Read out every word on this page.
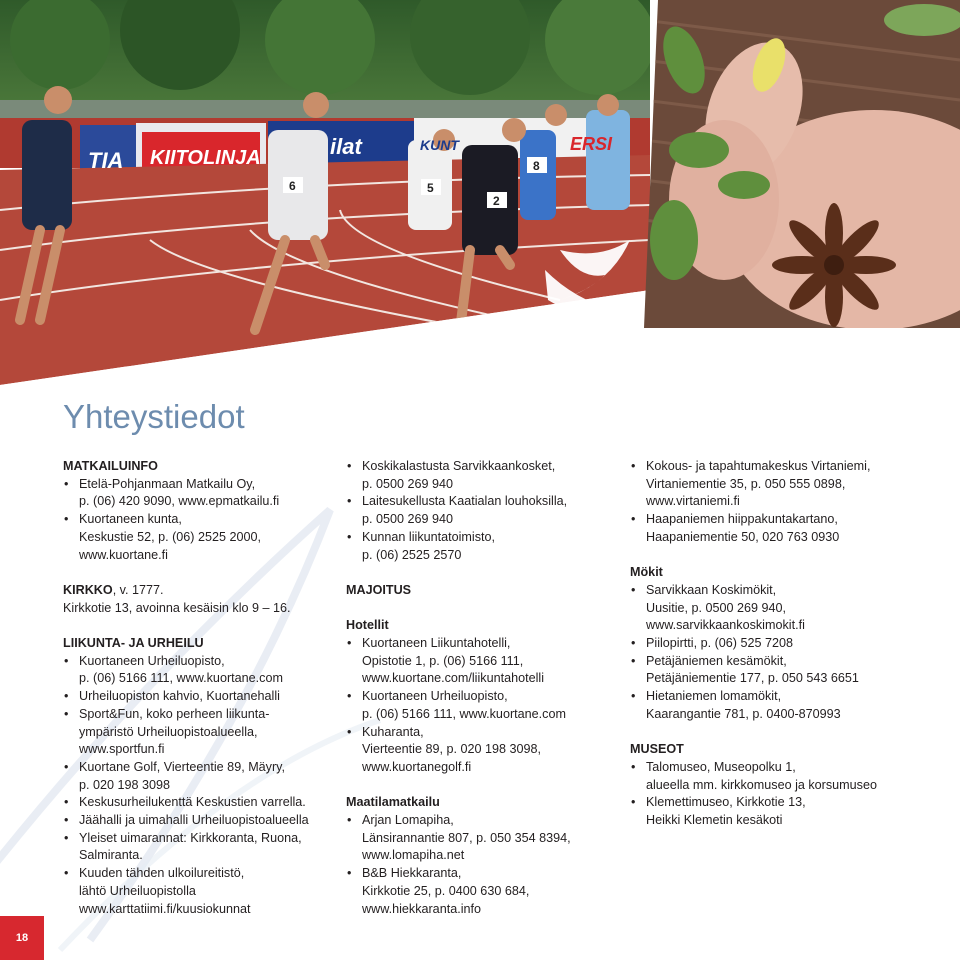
TIA KIITOLINJA	ilat	KUNT	ERSI
6	5
2
8
Yhteystiedot
MATKAILUINFO
• Etelä-Pohjanmaan Matkailu Oy,
p. (06) 420 9090, www.epmatkailu.fi
• Kuortaneen kunta,
Keskustie 52, p. (06) 2525 2000,
www.kuortane.fi
KIRKKO, v. 1777.
Kirkkotie 13, avoinna kesäisin klo 9 – 16.
LIIKUNTA- JA URHEILU
• Kuortaneen Urheiluopisto,
p. (06) 5166 111, www.kuortane.com
• Urheiluopiston kahvio, Kuortanehalli
• Sport&Fun, koko perheen liikunta-
ympäristö Urheiluopistoalueella,
www.sportfun.fi
• Kuortane Golf, Vierteentie 89, Mäyry,
p. 020 198 3098
• Keskusurheilukenttä Keskustien varrella.
• Jäähalli ja uimahalli Urheiluopistoalueella
• Yleiset uimarannat: Kirkkoranta, Ruona,
Salmiranta.
• Kuuden tähden ulkoilureitistö,
lähtö Urheiluopistolla
www.karttatiimi.fi/kuusiokunnat
• Koskikalastusta Sarvikkaankosket,
p. 0500 269 940
• Laitesukellusta Kaatialan louhoksilla,
p. 0500 269 940
• Kunnan liikuntatoimisto,
p. (06) 2525 2570
MAJOITUS
Hotellit
• Kuortaneen Liikuntahotelli,
Opistotie 1, p. (06) 5166 111,
www.kuortane.com/liikuntahotelli
• Kuortaneen Urheiluopisto,
p. (06) 5166 111, www.kuortane.com
• Kuharanta,
Vierteentie 89, p. 020 198 3098,
www.kuortanegolf.fi
Maatilamatkailu
• Arjan Lomapiha,
Länsirannantie 807, p. 050 354 8394,
www.lomapiha.net
• B&B Hiekkaranta,
Kirkkotie 25, p. 0400 630 684,
www.hiekkaranta.info
• Kokous- ja tapahtumakeskus Virtaniemi,
Virtaniementie 35, p. 050 555 0898,
www.virtaniemi.fi
• Haapaniemen hiippakuntakartano,
Haapaniementie 50, 020 763 0930
Mökit
• Sarvikkaan Koskimökit,
Uusitie, p. 0500 269 940,
www.sarvikkaankoskimokit.fi
• Piilopirtti, p. (06) 525 7208
• Petäjäniemen kesämökit,
Petäjäniementie 177, p. 050 543 6651
• Hietaniemen lomamökit,
Kaarangantie 781, p. 0400-870993
MUSEOT
• Talomuseo, Museopolku 1,
alueella mm. kirkkomuseo ja korsumuseo
• Klemettimuseo, Kirkkotie 13,
Heikki Klemetin kesäkoti
18
